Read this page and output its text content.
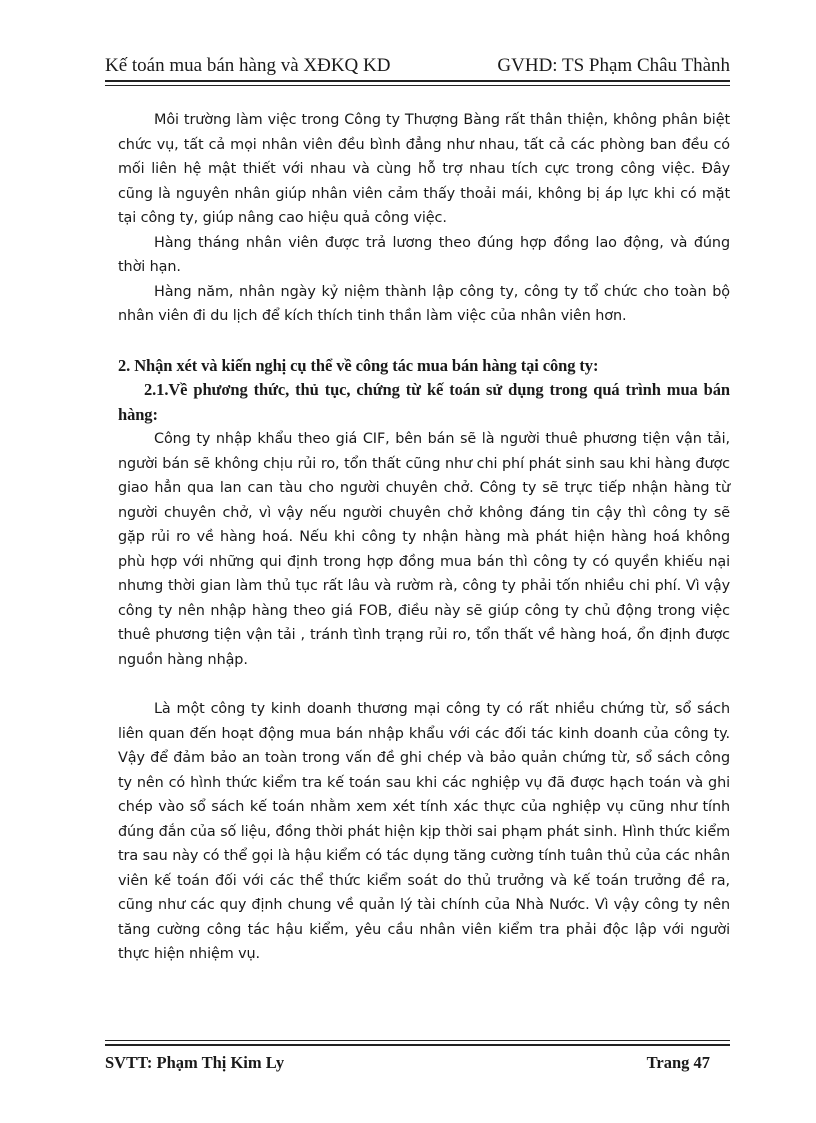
Kế toán mua bán hàng và XĐKQ KD	GVHD: TS Phạm Châu Thành

Môi trường làm việc trong Công ty Thượng Bàng rất thân thiện, không phân biệt chức vụ, tất cả mọi nhân viên đều bình đẳng như nhau, tất cả các phòng ban đều có mối liên hệ mật thiết với nhau và cùng hỗ trợ nhau tích cực trong công việc. Đây cũng là nguyên nhân giúp nhân viên cảm thấy thoải mái, không bị áp lực khi có mặt tại công ty, giúp nâng cao hiệu quả công việc.

Hàng tháng nhân viên được trả lương theo đúng hợp đồng lao động, và đúng thời hạn.

Hàng năm, nhân ngày kỷ niệm thành lập công ty, công ty tổ chức cho toàn bộ nhân viên đi du lịch để kích thích tinh thần làm việc của nhân viên hơn.

2. Nhận xét và kiến nghị cụ thể về công tác mua bán hàng tại công ty:

2.1.Về phương thức, thủ tục, chứng từ kế toán sử dụng trong quá trình mua bán hàng:

Công ty nhập khẩu theo giá CIF, bên bán sẽ là người thuê phương tiện vận tải, người bán sẽ không chịu rủi ro, tổn thất cũng như chi phí phát sinh sau khi hàng được giao hẳn qua lan can tàu cho người chuyên chở. Công ty sẽ trực tiếp nhận hàng từ người chuyên chở, vì vậy nếu người chuyên chở không đáng tin cậy thì công ty sẽ gặp rủi ro về hàng hoá. Nếu khi công ty nhận hàng mà phát hiện hàng hoá không phù hợp với những qui định trong hợp đồng mua bán thì công ty có quyền khiếu nại nhưng thời gian làm thủ tục rất lâu và rườm rà, công ty phải tốn nhiều chi phí. Vì vậy công ty nên nhập hàng theo giá FOB, điều này sẽ giúp công ty chủ động trong việc thuê phương tiện vận tải , tránh tình trạng rủi ro, tổn thất về hàng hoá, ổn định được nguồn hàng nhập.

Là một công ty kinh doanh thương mại công ty có rất nhiều chứng từ, sổ sách liên quan đến hoạt động mua bán nhập khẩu với các đối tác kinh doanh của công ty. Vậy để đảm bảo an toàn trong vấn đề ghi chép và bảo quản chứng từ, sổ sách công ty nên có hình thức kiểm tra kế toán sau khi các nghiệp vụ đã được hạch toán và ghi chép vào sổ sách kế toán nhằm xem xét tính xác thực của nghiệp vụ cũng như tính đúng đắn của số liệu, đồng thời phát hiện kịp thời sai phạm phát sinh. Hình thức kiểm tra sau này có thể gọi là hậu kiểm có tác dụng tăng cường tính tuân thủ của các nhân viên kế toán đối với các thể thức kiểm soát do thủ trưởng và kế toán trưởng đề ra, cũng như các quy định chung về quản lý tài chính của Nhà Nước. Vì vậy công ty nên tăng cường công tác hậu kiểm, yêu cầu nhân viên kiểm tra phải độc lập với người thực hiện nhiệm vụ.

SVTT: Phạm Thị Kim Ly	Trang 47
